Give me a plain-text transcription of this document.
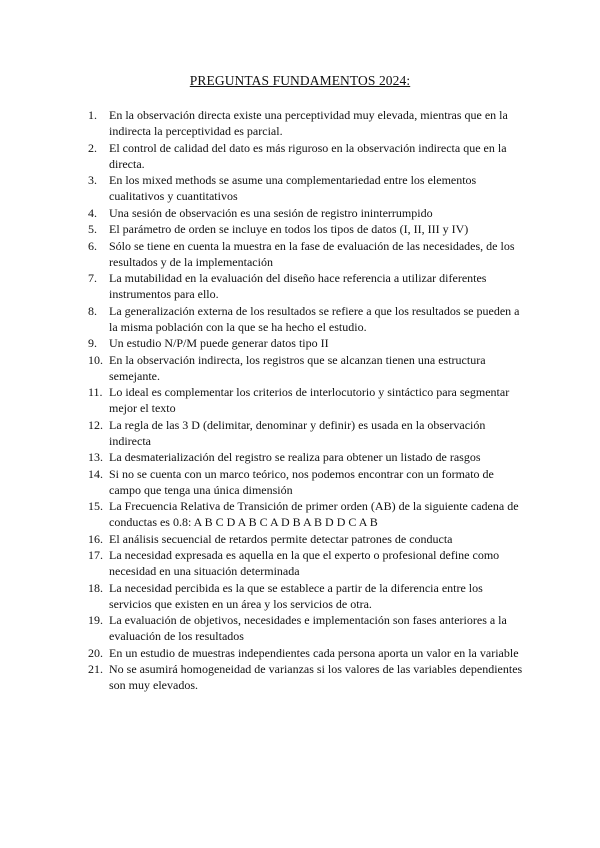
PREGUNTAS FUNDAMENTOS 2024:
1.	En la observación directa existe una perceptividad muy elevada, mientras que en la indirecta la perceptividad es parcial.
2.	El control de calidad del dato es más riguroso en la observación indirecta que en la directa.
3.	En los mixed methods se asume una complementariedad entre los elementos cualitativos y cuantitativos
4.	Una sesión de observación es una sesión de registro ininterrumpido
5.	El parámetro de orden se incluye en todos los tipos de datos (I, II, III y IV)
6.	Sólo se tiene en cuenta la muestra en la fase de evaluación de las necesidades, de los resultados y de la implementación
7.	La mutabilidad en la evaluación del diseño hace referencia a utilizar diferentes instrumentos para ello.
8.	La generalización externa de los resultados se refiere a que los resultados se pueden a la misma población con la que se ha hecho el estudio.
9.	Un estudio N/P/M puede generar datos tipo II
10. En la observación indirecta, los registros que se alcanzan tienen una estructura semejante.
11. Lo ideal es complementar los criterios de interlocutorio y sintáctico para segmentar mejor el texto
12. La regla de las 3 D (delimitar, denominar y definir) es usada en la observación indirecta
13. La desmaterialización del registro se realiza para obtener un listado de rasgos
14. Si no se cuenta con un marco teórico, nos podemos encontrar con un formato de campo que tenga una única dimensión
15. La Frecuencia Relativa de Transición de primer orden (AB) de la siguiente cadena de conductas es 0.8: A B C D A B C A D B A B D D C A B
16. El análisis secuencial de retardos permite detectar patrones de conducta
17. La necesidad expresada es aquella en la que el experto o profesional define como necesidad en una situación determinada
18. La necesidad percibida es la que se establece a partir de la diferencia entre los servicios que existen en un área y los servicios de otra.
19. La evaluación de objetivos, necesidades e implementación son fases anteriores a la evaluación de los resultados
20. En un estudio de muestras independientes cada persona aporta un valor en la variable
21. No se asumirá homogeneidad de varianzas si los valores de las variables dependientes son muy elevados.
